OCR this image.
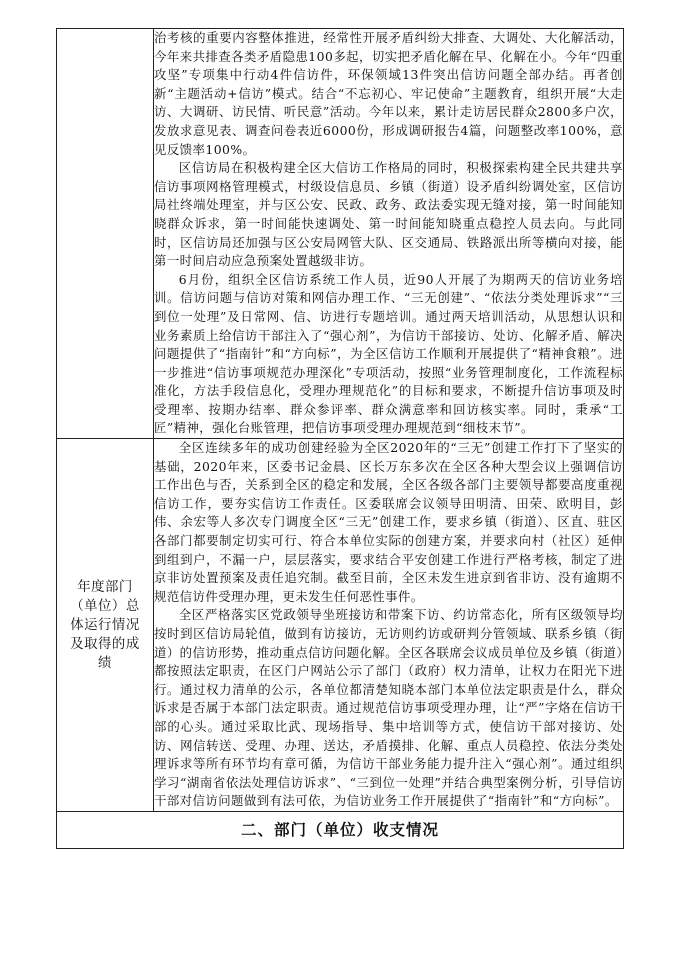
	治考核的重要内容整体推进，经常性开展矛盾纠纷大排查、大调处、大化解活动，今年来共排查各类矛盾隐患100多起，切实把矛盾化解在早、化解在小。今年“四重攻坚”专项集中行动4件信访件，环保领域13件突出信访问题全部办结。再者创新“主题活动+信访”模式。结合“不忘初心、牢记使命”主题教育，组织开展“大走访、大调研、访民情、听民意”活动。今年以来，累计走访居民群众2800多户次，发放求意见表、调查问卷表近6000份，形成调研报告4篇，问题整改率100%，意见反馈率100%。

区信访局在积极构建全区大信访工作格局的同时，积极探索构建全民共建共享信访事项网格管理模式，村级设信息员、乡镇（街道）设矛盾纠纷调处室，区信访局社终端处理室，并与区公安、民政、政务、政法委实现无缝对接，第一时间能知晓群众诉求，第一时间能快速调处、第一时间能知晓重点稳控人员去向。与此同时，区信访局还加强与区公安局网管大队、区交通局、铁路派出所等横向对接，能第一时间启动应急预案处置越级非访。

6月份，组织全区信访系统工作人员，近90人开展了为期两天的信访业务培训。信访问题与信访对策和网信办理工作、“三无创建”、“依法分类处理诉求”“三到位一处理”及日常网、信、访进行专题培训。通过两天培训活动，从思想认识和业务素质上给信访干部注入了“强心剂”，为信访干部接访、处访、化解矛盾、解决问题提供了“指南针”和“方向标”，为全区信访工作顺利开展提供了“精神食粮”。进一步推进“信访事项规范办理深化”专项活动，按照“业务管理制度化，工作流程标准化，方法手段信息化，受理办理规范化”的目标和要求，不断提升信访事项及时受理率、按期办结率、群众参评率、群众满意率和回访核实率。同时，秉承“工匠”精神，强化台账管理，把信访事项受理办理规范到“细枝末节”。

年度部门（单位）总体运行情况及取得的成绩	全区连续多年的成功创建经验为全区2020年的“三无”创建工作打下了坚实的基础，2020年来，区委书记金晨、区长万东多次在全区各种大型会议上强调信访工作出色与否，关系到全区的稳定和发展，全区各级各部门主要领导都要高度重视信访工作，要夯实信访工作责任。区委联席会议领导田明清、田荣、欧明目，彭伟、余宏等人多次专门调度全区“三无”创建工作，要求乡镇（街道）、区直、驻区各部门都要制定切实可行、符合本单位实际的创建方案，并要求向村（社区）延伸到组到户，不漏一户，层层落实，要求结合平安创建工作进行严格考核，制定了进京非访处置预案及责任追究制。截至目前，全区未发生进京到省非访、没有逾期不规范信访件受理办理，更未发生任何恶性事件。

全区严格落实区党政领导坐班接访和带案下访、约访常态化，所有区级领导均按时到区信访局轮值，做到有访接访，无访则约访或研判分管领域、联系乡镇（街道）的信访形势，推动重点信访问题化解。全区各联席会议成员单位及乡镇（街道）都按照法定职责，在区门户网站公示了部门（政府）权力清单，让权力在阳光下进行。通过权力清单的公示，各单位都清楚知晓本部门本单位法定职责是什么，群众诉求是否属于本部门法定职责。通过规范信访事项受理办理，让“严”字烙在信访干部的心头。通过采取比武、现场指导、集中培训等方式，使信访干部对接访、处访、网信转送、受理、办理、送达，矛盾摸排、化解、重点人员稳控、依法分类处理诉求等所有环节均有章可循，为信访干部业务能力提升注入“强心剂”。通过组织学习“湖南省依法处理信访诉求”、“三到位一处理”并结合典型案例分析，引导信访干部对信访问题做到有法可依，为信访业务工作开展提供了“指南针”和“方向标”。

二、部门（单位）收支情况	
